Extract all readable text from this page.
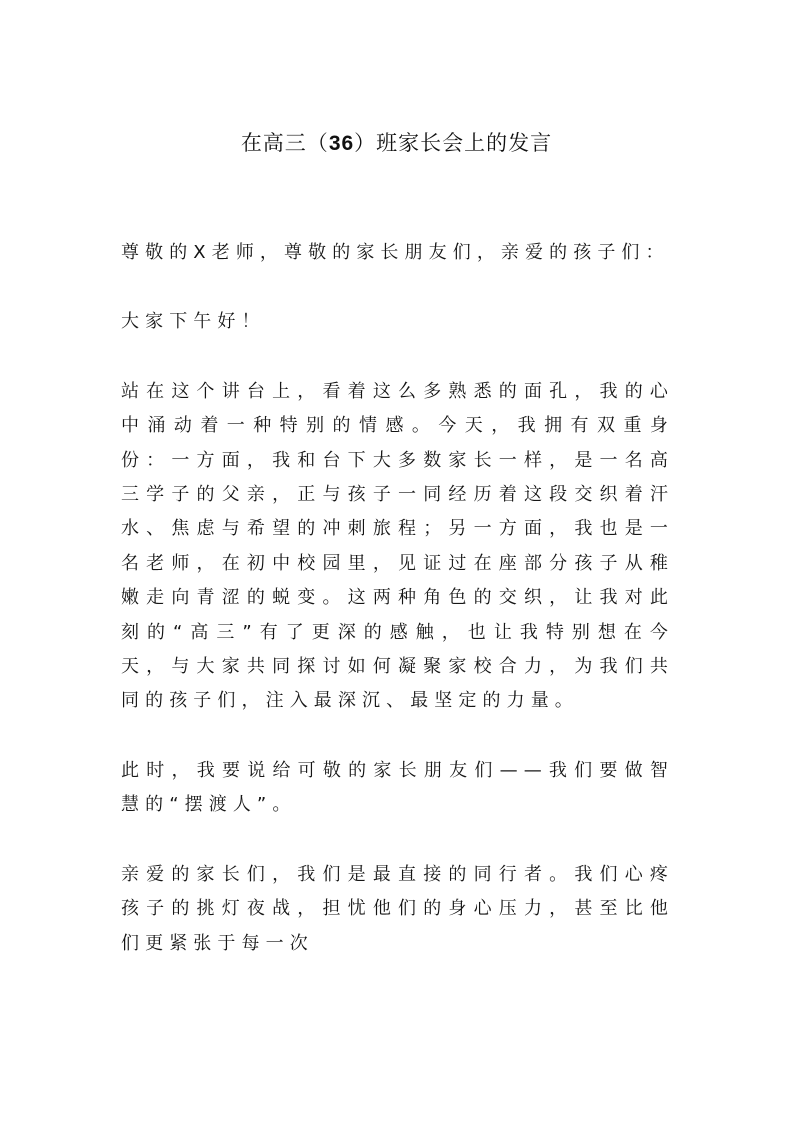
在高三（36）班家长会上的发言

尊敬的X老师，尊敬的家长朋友们，亲爱的孩子们：

大家下午好！

站在这个讲台上，看着这么多熟悉的面孔，我的心中涌动着一种特别的情感。今天，我拥有双重身份：一方面，我和台下大多数家长一样，是一名高三学子的父亲，正与孩子一同经历着这段交织着汗水、焦虑与希望的冲刺旅程；另一方面，我也是一名老师，在初中校园里，见证过在座部分孩子从稚嫩走向青涩的蜕变。这两种角色的交织，让我对此刻的“高三”有了更深的感触，也让我特别想在今天，与大家共同探讨如何凝聚家校合力，为我们共同的孩子们，注入最深沉、最坚定的力量。

此时，我要说给可敬的家长朋友们——我们要做智慧的“摆渡人”。

亲爱的家长们，我们是最直接的同行者。我们心疼孩子的挑灯夜战，担忧他们的身心压力，甚至比他们更紧张于每一次
